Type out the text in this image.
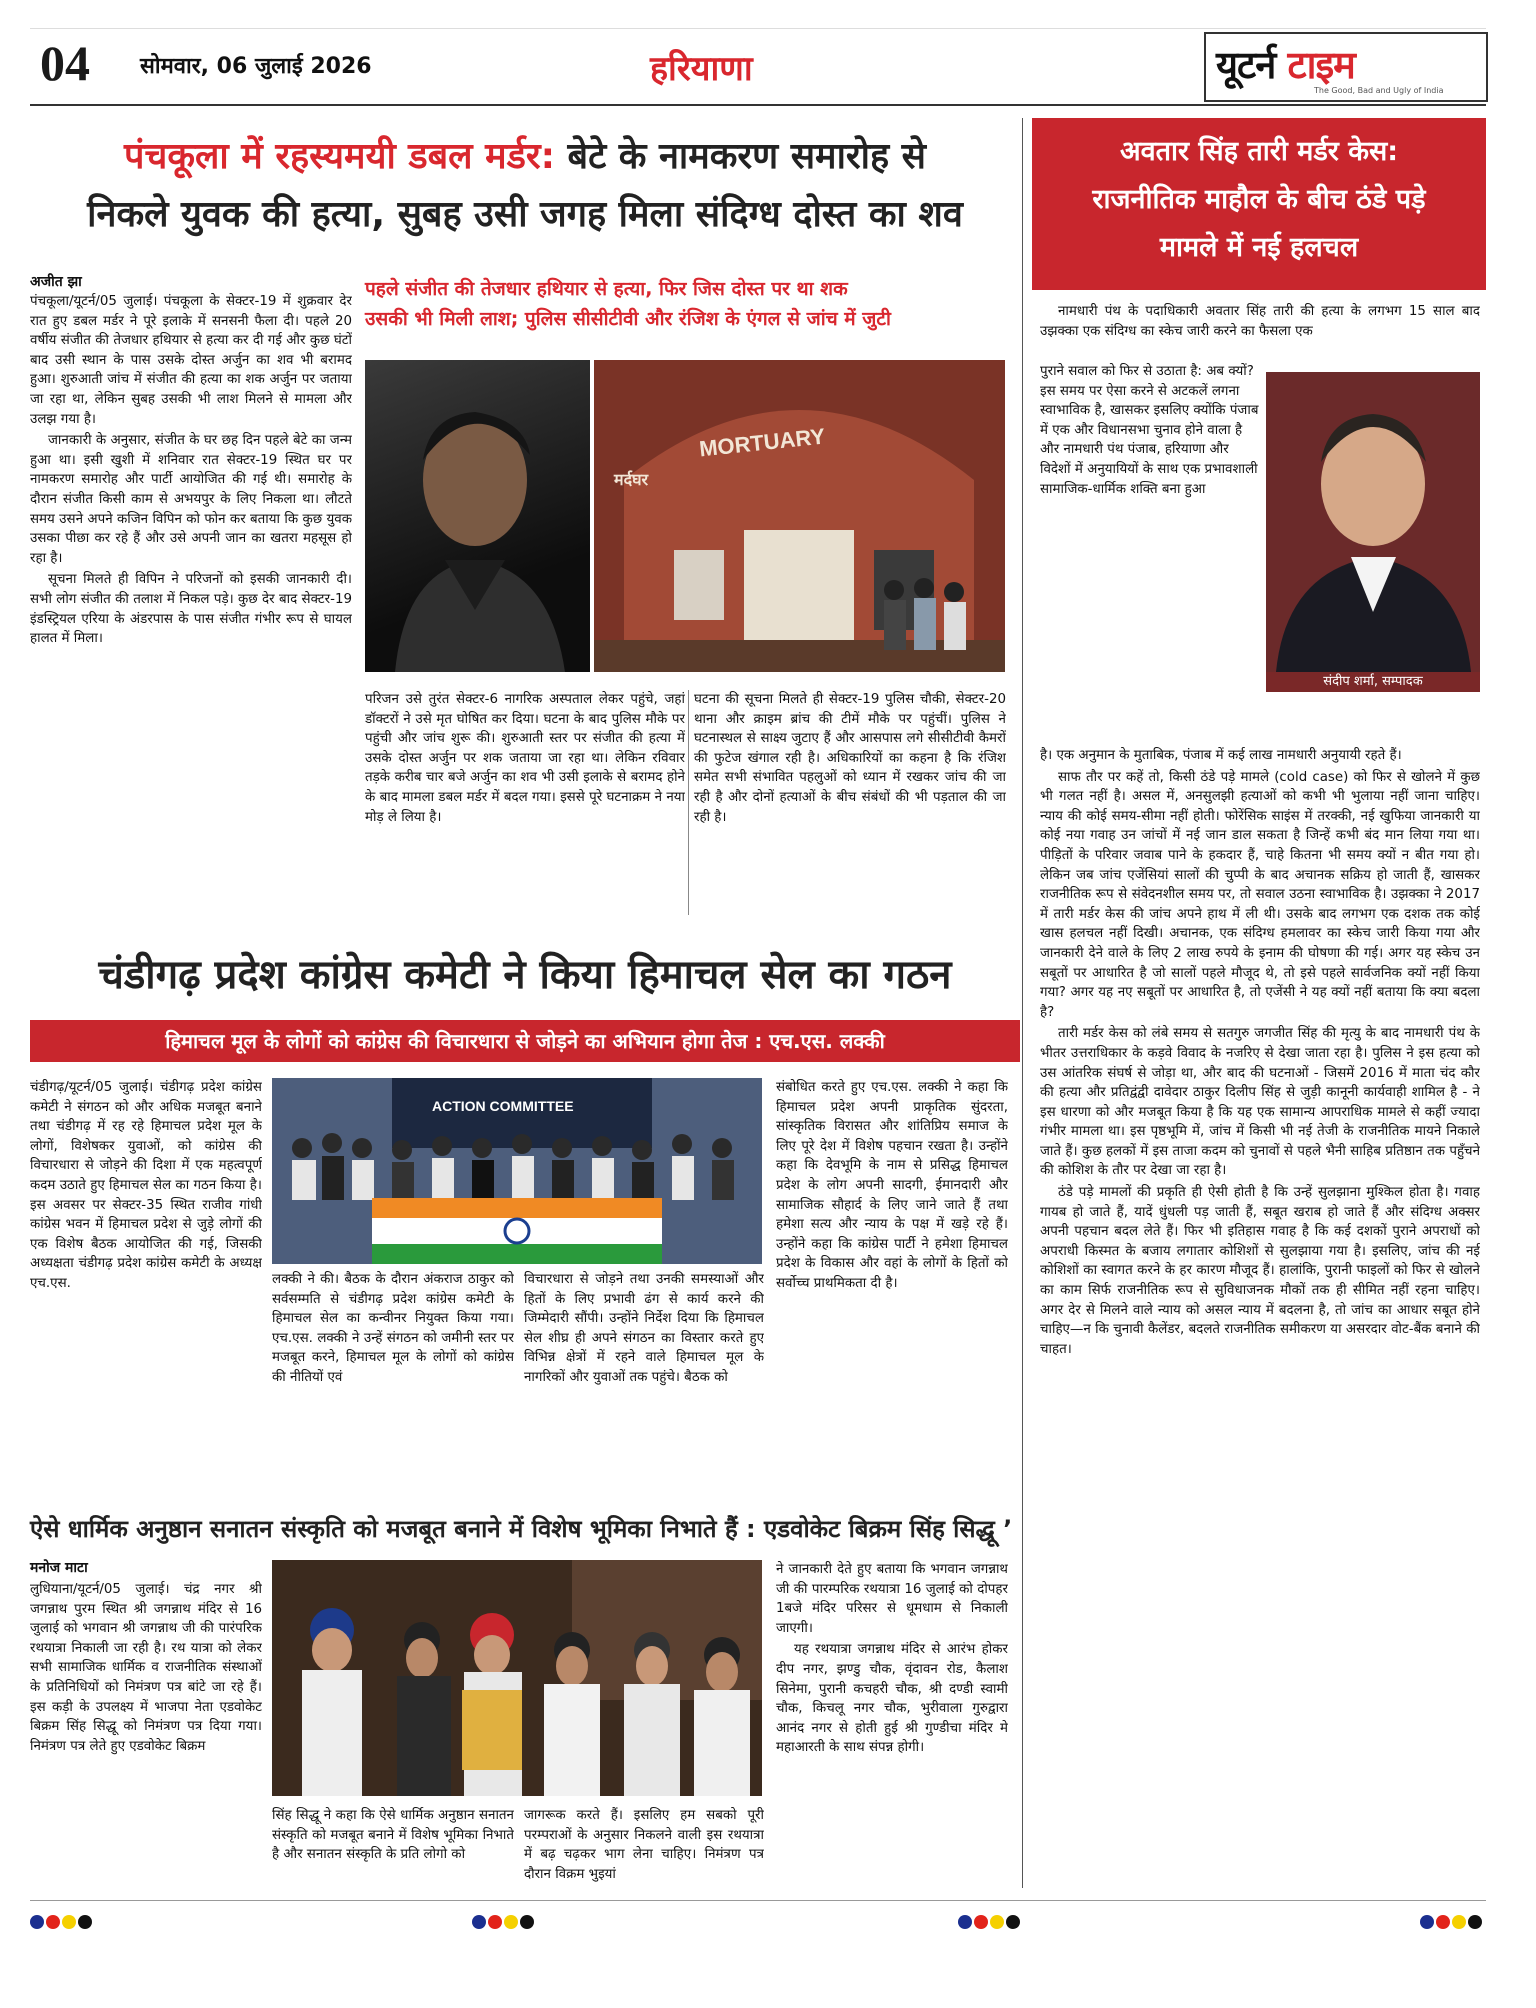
04 सोमवार, 06 जुलाई 2026	हरियाणा	यूटर्न टाइम
The Good, Bad and Ugly of India
पंचकूला में रहस्यमयी डबल मर्डर: बेटे के नामकरण समारोह से
निकले युवक की हत्या, सुबह उसी जगह मिला संदिग्ध दोस्त का शव
अजीत झा

पंचकूला/यूटर्न/05 जुलाई। पंचकूला के सेक्टर-19 में शुक्रवार देर रात हुए डबल मर्डर ने पूरे इलाके में सनसनी फैला दी। पहले 20 वर्षीय संजीत की तेजधार हथियार से हत्या कर दी गई और कुछ घंटों बाद उसी स्थान के पास उसके दोस्त अर्जुन का शव भी बरामद हुआ। शुरुआती जांच में संजीत की हत्या का शक अर्जुन पर जताया जा रहा था, लेकिन सुबह उसकी भी लाश मिलने से मामला और उलझ गया है।

जानकारी के अनुसार, संजीत के घर छह दिन पहले बेटे का जन्म हुआ था। इसी खुशी में शनिवार रात सेक्टर-19 स्थित घर पर नामकरण समारोह और पार्टी आयोजित की गई थी। समारोह के दौरान संजीत किसी काम से अभयपुर के लिए निकला था। लौटते समय उसने अपने कजिन विपिन को फोन कर बताया कि कुछ युवक उसका पीछा कर रहे हैं और उसे अपनी जान का खतरा महसूस हो रहा है।

सूचना मिलते ही विपिन ने परिजनों को इसकी जानकारी दी। सभी लोग संजीत की तलाश में निकल पड़े। कुछ देर बाद सेक्टर-19 इंडस्ट्रियल एरिया के अंडरपास के पास संजीत गंभीर रूप से घायल हालत में मिला।

पहले संजीत की तेजधार हथियार से हत्या, फिर जिस दोस्त पर था शक
उसकी भी मिली लाश; पुलिस सीसीटीवी और रंजिश के एंगल से जांच में जुटी
MORTUARY
मर्दघर

परिजन उसे तुरंत सेक्टर-6 नागरिक अस्पताल लेकर पहुंचे, जहां डॉक्टरों ने उसे मृत घोषित कर दिया। घटना के बाद पुलिस मौके पर पहुंची और जांच शुरू की। शुरुआती स्तर पर संजीत की हत्या में उसके दोस्त अर्जुन पर शक जताया जा रहा था। लेकिन रविवार तड़के करीब चार बजे अर्जुन का शव भी उसी इलाके से बरामद होने के बाद मामला डबल मर्डर में बदल गया। इससे पूरे घटनाक्रम ने नया मोड़ ले लिया है।

घटना की सूचना मिलते ही सेक्टर-19 पुलिस चौकी, सेक्टर-20 थाना और क्राइम ब्रांच की टीमें मौके पर पहुंचीं। पुलिस ने घटनास्थल से साक्ष्य जुटाए हैं और आसपास लगे सीसीटीवी कैमरों की फुटेज खंगाल रही है। अधिकारियों का कहना है कि रंजिश समेत सभी संभावित पहलुओं को ध्यान में रखकर जांच की जा रही है और दोनों हत्याओं के बीच संबंधों की भी पड़ताल की जा रही है।

चंडीगढ़ प्रदेश कांग्रेस कमेटी ने किया हिमाचल सेल का गठन
हिमाचल मूल के लोगों को कांग्रेस की विचारधारा से जोड़ने का अभियान होगा तेज : एच.एस. लक्की

चंडीगढ़/यूटर्न/05 जुलाई। चंडीगढ़ प्रदेश कांग्रेस कमेटी ने संगठन को और अधिक मजबूत बनाने तथा चंडीगढ़ में रह रहे हिमाचल प्रदेश मूल के लोगों, विशेषकर युवाओं, को कांग्रेस की विचारधारा से जोड़ने की दिशा में एक महत्वपूर्ण कदम उठाते हुए हिमाचल सेल का गठन किया है। इस अवसर पर सेक्टर-35 स्थित राजीव गांधी कांग्रेस भवन में हिमाचल प्रदेश से जुड़े लोगों की एक विशेष बैठक आयोजित की गई, जिसकी अध्यक्षता चंडीगढ़ प्रदेश कांग्रेस कमेटी के अध्यक्ष एच.एस.

ACTION COMMITTEE

लक्की ने की। बैठक के दौरान अंकराज ठाकुर को सर्वसम्मति से चंडीगढ़ प्रदेश कांग्रेस कमेटी के हिमाचल सेल का कन्वीनर नियुक्त किया गया। एच.एस. लक्की ने उन्हें संगठन को जमीनी स्तर पर मजबूत करने, हिमाचल मूल के लोगों को कांग्रेस की नीतियों एवं

विचारधारा से जोड़ने तथा उनकी समस्याओं और हितों के लिए प्रभावी ढंग से कार्य करने की जिम्मेदारी सौंपी। उन्होंने निर्देश दिया कि हिमाचल सेल शीघ्र ही अपने संगठन का विस्तार करते हुए विभिन्न क्षेत्रों में रहने वाले हिमाचल मूल के नागरिकों और युवाओं तक पहुंचे। बैठक को

संबोधित करते हुए एच.एस. लक्की ने कहा कि हिमाचल प्रदेश अपनी प्राकृतिक सुंदरता, सांस्कृतिक विरासत और शांतिप्रिय समाज के लिए पूरे देश में विशेष पहचान रखता है। उन्होंने कहा कि देवभूमि के नाम से प्रसिद्ध हिमाचल प्रदेश के लोग अपनी सादगी, ईमानदारी और सामाजिक सौहार्द के लिए जाने जाते हैं तथा हमेशा सत्य और न्याय के पक्ष में खड़े रहे हैं। उन्होंने कहा कि कांग्रेस पार्टी ने हमेशा हिमाचल प्रदेश के विकास और वहां के लोगों के हितों को सर्वोच्च प्राथमिकता दी है।

ऐसे धार्मिक अनुष्ठान सनातन संस्कृति को मजबूत बनाने में विशेष भूमिका निभाते हैं : एडवोकेट बिक्रम सिंह सिद्धू ’
मनोज माटा

लुधियाना/यूटर्न/05 जुलाई। चंद्र नगर श्री जगन्नाथ पुरम स्थित श्री जगन्नाथ मंदिर से 16 जुलाई को भगवान श्री जगन्नाथ जी की पारंपरिक रथयात्रा निकाली जा रही है। रथ यात्रा को लेकर सभी सामाजिक धार्मिक व राजनीतिक संस्थाओं के प्रतिनिधियों को निमंत्रण पत्र बांटे जा रहे हैं। इस कड़ी के उपलक्ष्य में भाजपा नेता एडवोकेट बिक्रम सिंह सिद्धू को निमंत्रण पत्र दिया गया। निमंत्रण पत्र लेते हुए एडवोकेट बिक्रम

सिंह सिद्धू ने कहा कि ऐसे धार्मिक अनुष्ठान सनातन संस्कृति को मजबूत बनाने में विशेष भूमिका निभाते है और सनातन संस्कृति के प्रति लोगो को

जागरूक करते हैं। इसलिए हम सबको पूरी परम्पराओं के अनुसार निकलने वाली इस रथयात्रा में बढ़ चढ़कर भाग लेना चाहिए। निमंत्रण पत्र दौरान विक्रम भुइयां

ने जानकारी देते हुए बताया कि भगवान जगन्नाथ जी की पारम्परिक रथयात्रा 16 जुलाई को दोपहर 1बजे मंदिर परिसर से धूमधाम से निकाली जाएगी।

यह रथयात्रा जगन्नाथ मंदिर से आरंभ होकर दीप नगर, झण्डु चौक, वृंदावन रोड, कैलाश सिनेमा, पुरानी कचहरी चौक, श्री दण्डी स्वामी चौक, किचलू नगर चौक, भुरीवाला गुरुद्वारा आनंद नगर से होती हुई श्री गुण्डीचा मंदिर मे महाआरती के साथ संपन्न होगी।

अवतार सिंह तारी मर्डर केस:
राजनीतिक माहौल के बीच ठंडे पड़े
मामले में नई हलचल

नामधारी पंथ के पदाधिकारी अवतार सिंह तारी की हत्या के लगभग 15 साल बाद उझक्का एक संदिग्ध का स्केच जारी करने का फैसला एक

पुराने सवाल को फिर से उठाता है: अब क्यों? इस समय पर ऐसा करने से अटकलें लगना स्वाभाविक है, खासकर इसलिए क्योंकि पंजाब में एक और विधानसभा चुनाव होने वाला है और नामधारी पंथ पंजाब, हरियाणा और विदेशों में अनुयायियों के साथ एक प्रभावशाली सामाजिक-धार्मिक शक्ति बना हुआ

संदीप शर्मा, सम्पादक

है। एक अनुमान के मुताबिक, पंजाब में कई लाख नामधारी अनुयायी रहते हैं।

साफ तौर पर कहें तो, किसी ठंडे पड़े मामले (cold case) को फिर से खोलने में कुछ भी गलत नहीं है। असल में, अनसुलझी हत्याओं को कभी भी भुलाया नहीं जाना चाहिए। न्याय की कोई समय-सीमा नहीं होती। फोरेंसिक साइंस में तरक्की, नई खुफिया जानकारी या कोई नया गवाह उन जांचों में नई जान डाल सकता है जिन्हें कभी बंद मान लिया गया था। पीड़ितों के परिवार जवाब पाने के हकदार हैं, चाहे कितना भी समय क्यों न बीत गया हो। लेकिन जब जांच एजेंसियां सालों की चुप्पी के बाद अचानक सक्रिय हो जाती हैं, खासकर राजनीतिक रूप से संवेदनशील समय पर, तो सवाल उठना स्वाभाविक है। उझक्का ने 2017 में तारी मर्डर केस की जांच अपने हाथ में ली थी। उसके बाद लगभग एक दशक तक कोई खास हलचल नहीं दिखी। अचानक, एक संदिग्ध हमलावर का स्केच जारी किया गया और जानकारी देने वाले के लिए 2 लाख रुपये के इनाम की घोषणा की गई। अगर यह स्केच उन सबूतों पर आधारित है जो सालों पहले मौजूद थे, तो इसे पहले सार्वजनिक क्यों नहीं किया गया? अगर यह नए सबूतों पर आधारित है, तो एजेंसी ने यह क्यों नहीं बताया कि क्या बदला है?

तारी मर्डर केस को लंबे समय से सतगुरु जगजीत सिंह की मृत्यु के बाद नामधारी पंथ के भीतर उत्तराधिकार के कड़वे विवाद के नजरिए से देखा जाता रहा है। पुलिस ने इस हत्या को उस आंतरिक संघर्ष से जोड़ा था, और बाद की घटनाओं - जिसमें 2016 में माता चंद कौर की हत्या और प्रतिद्वंद्वी दावेदार ठाकुर दिलीप सिंह से जुड़ी कानूनी कार्यवाही शामिल है - ने इस धारणा को और मजबूत किया है कि यह एक सामान्य आपराधिक मामले से कहीं ज्यादा गंभीर मामला था। इस पृष्ठभूमि में, जांच में किसी भी नई तेजी के राजनीतिक मायने निकाले जाते हैं। कुछ हलकों में इस ताजा कदम को चुनावों से पहले भैनी साहिब प्रतिष्ठान तक पहुँचने की कोशिश के तौर पर देखा जा रहा है।

ठंडे पड़े मामलों की प्रकृति ही ऐसी होती है कि उन्हें सुलझाना मुश्किल होता है। गवाह गायब हो जाते हैं, यादें धुंधली पड़ जाती हैं, सबूत खराब हो जाते हैं और संदिग्ध अक्सर अपनी पहचान बदल लेते हैं। फिर भी इतिहास गवाह है कि कई दशकों पुराने अपराधों को अपराधी किस्मत के बजाय लगातार कोशिशों से सुलझाया गया है। इसलिए, जांच की नई कोशिशों का स्वागत करने के हर कारण मौजूद हैं। हालांकि, पुरानी फाइलों को फिर से खोलने का काम सिर्फ राजनीतिक रूप से सुविधाजनक मौकों तक ही सीमित नहीं रहना चाहिए। अगर देर से मिलने वाले न्याय को असल न्याय में बदलना है, तो जांच का आधार सबूत होने चाहिए—न कि चुनावी कैलेंडर, बदलते राजनीतिक समीकरण या असरदार वोट-बैंक बनाने की चाहत।
